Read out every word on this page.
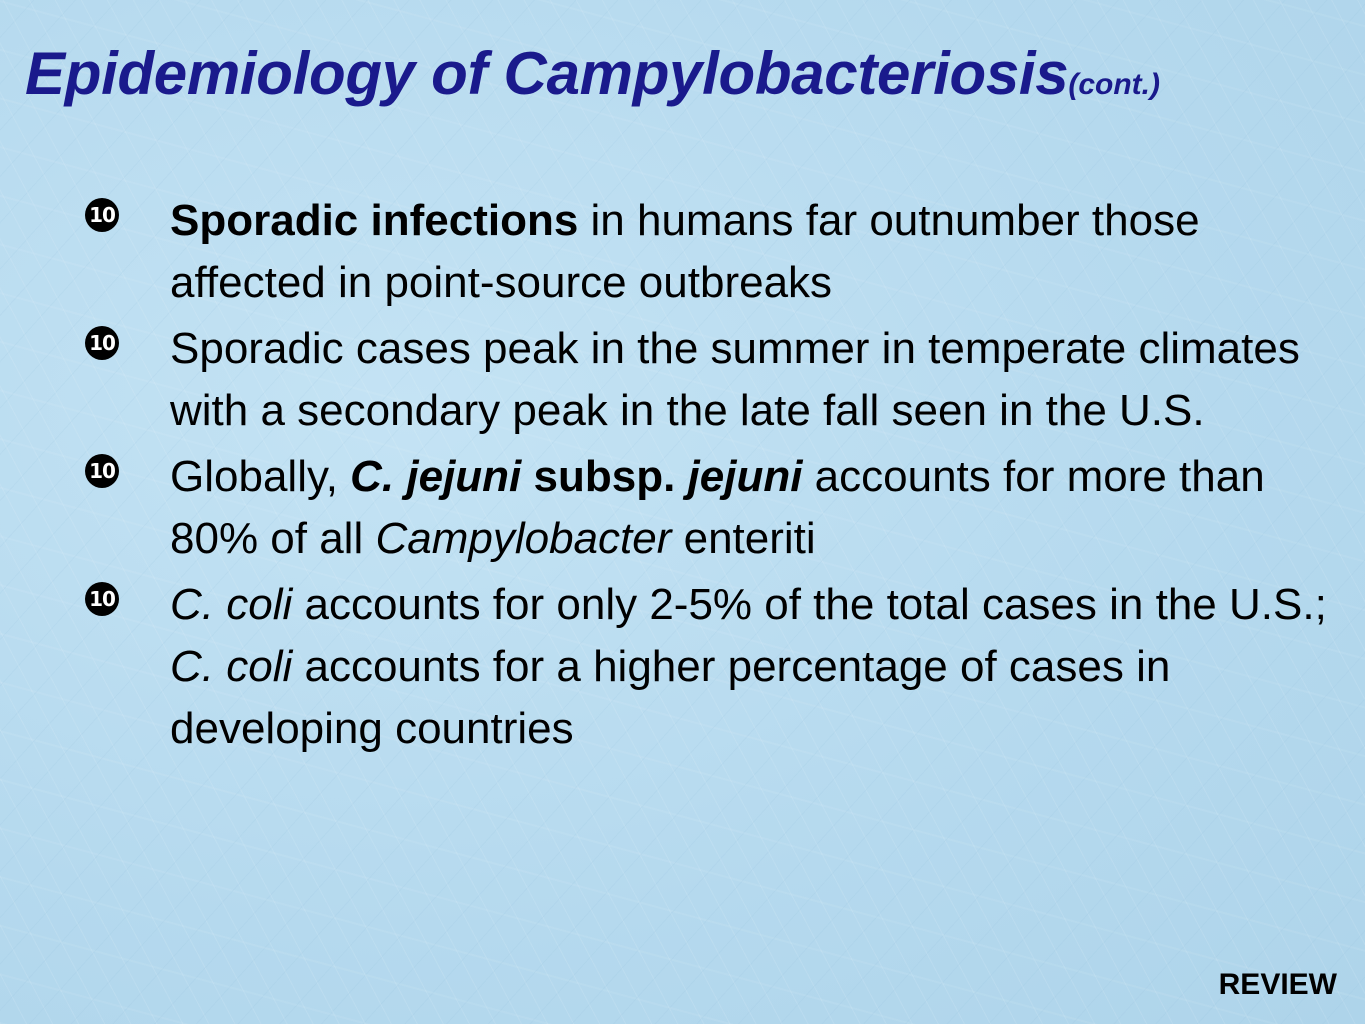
Epidemiology of Campylobacteriosis(cont.)
10 Sporadic infections in humans far outnumber those affected in point-source outbreaks
10 Sporadic cases peak in the summer in temperate climates with a secondary peak in the late fall seen in the U.S.
10 Globally, C. jejuni subsp. jejuni accounts for more than 80% of all Campylobacter enteriti
10 C. coli accounts for only 2-5% of the total cases in the U.S.; C. coli accounts for a higher percentage of cases in developing countries
REVIEW
